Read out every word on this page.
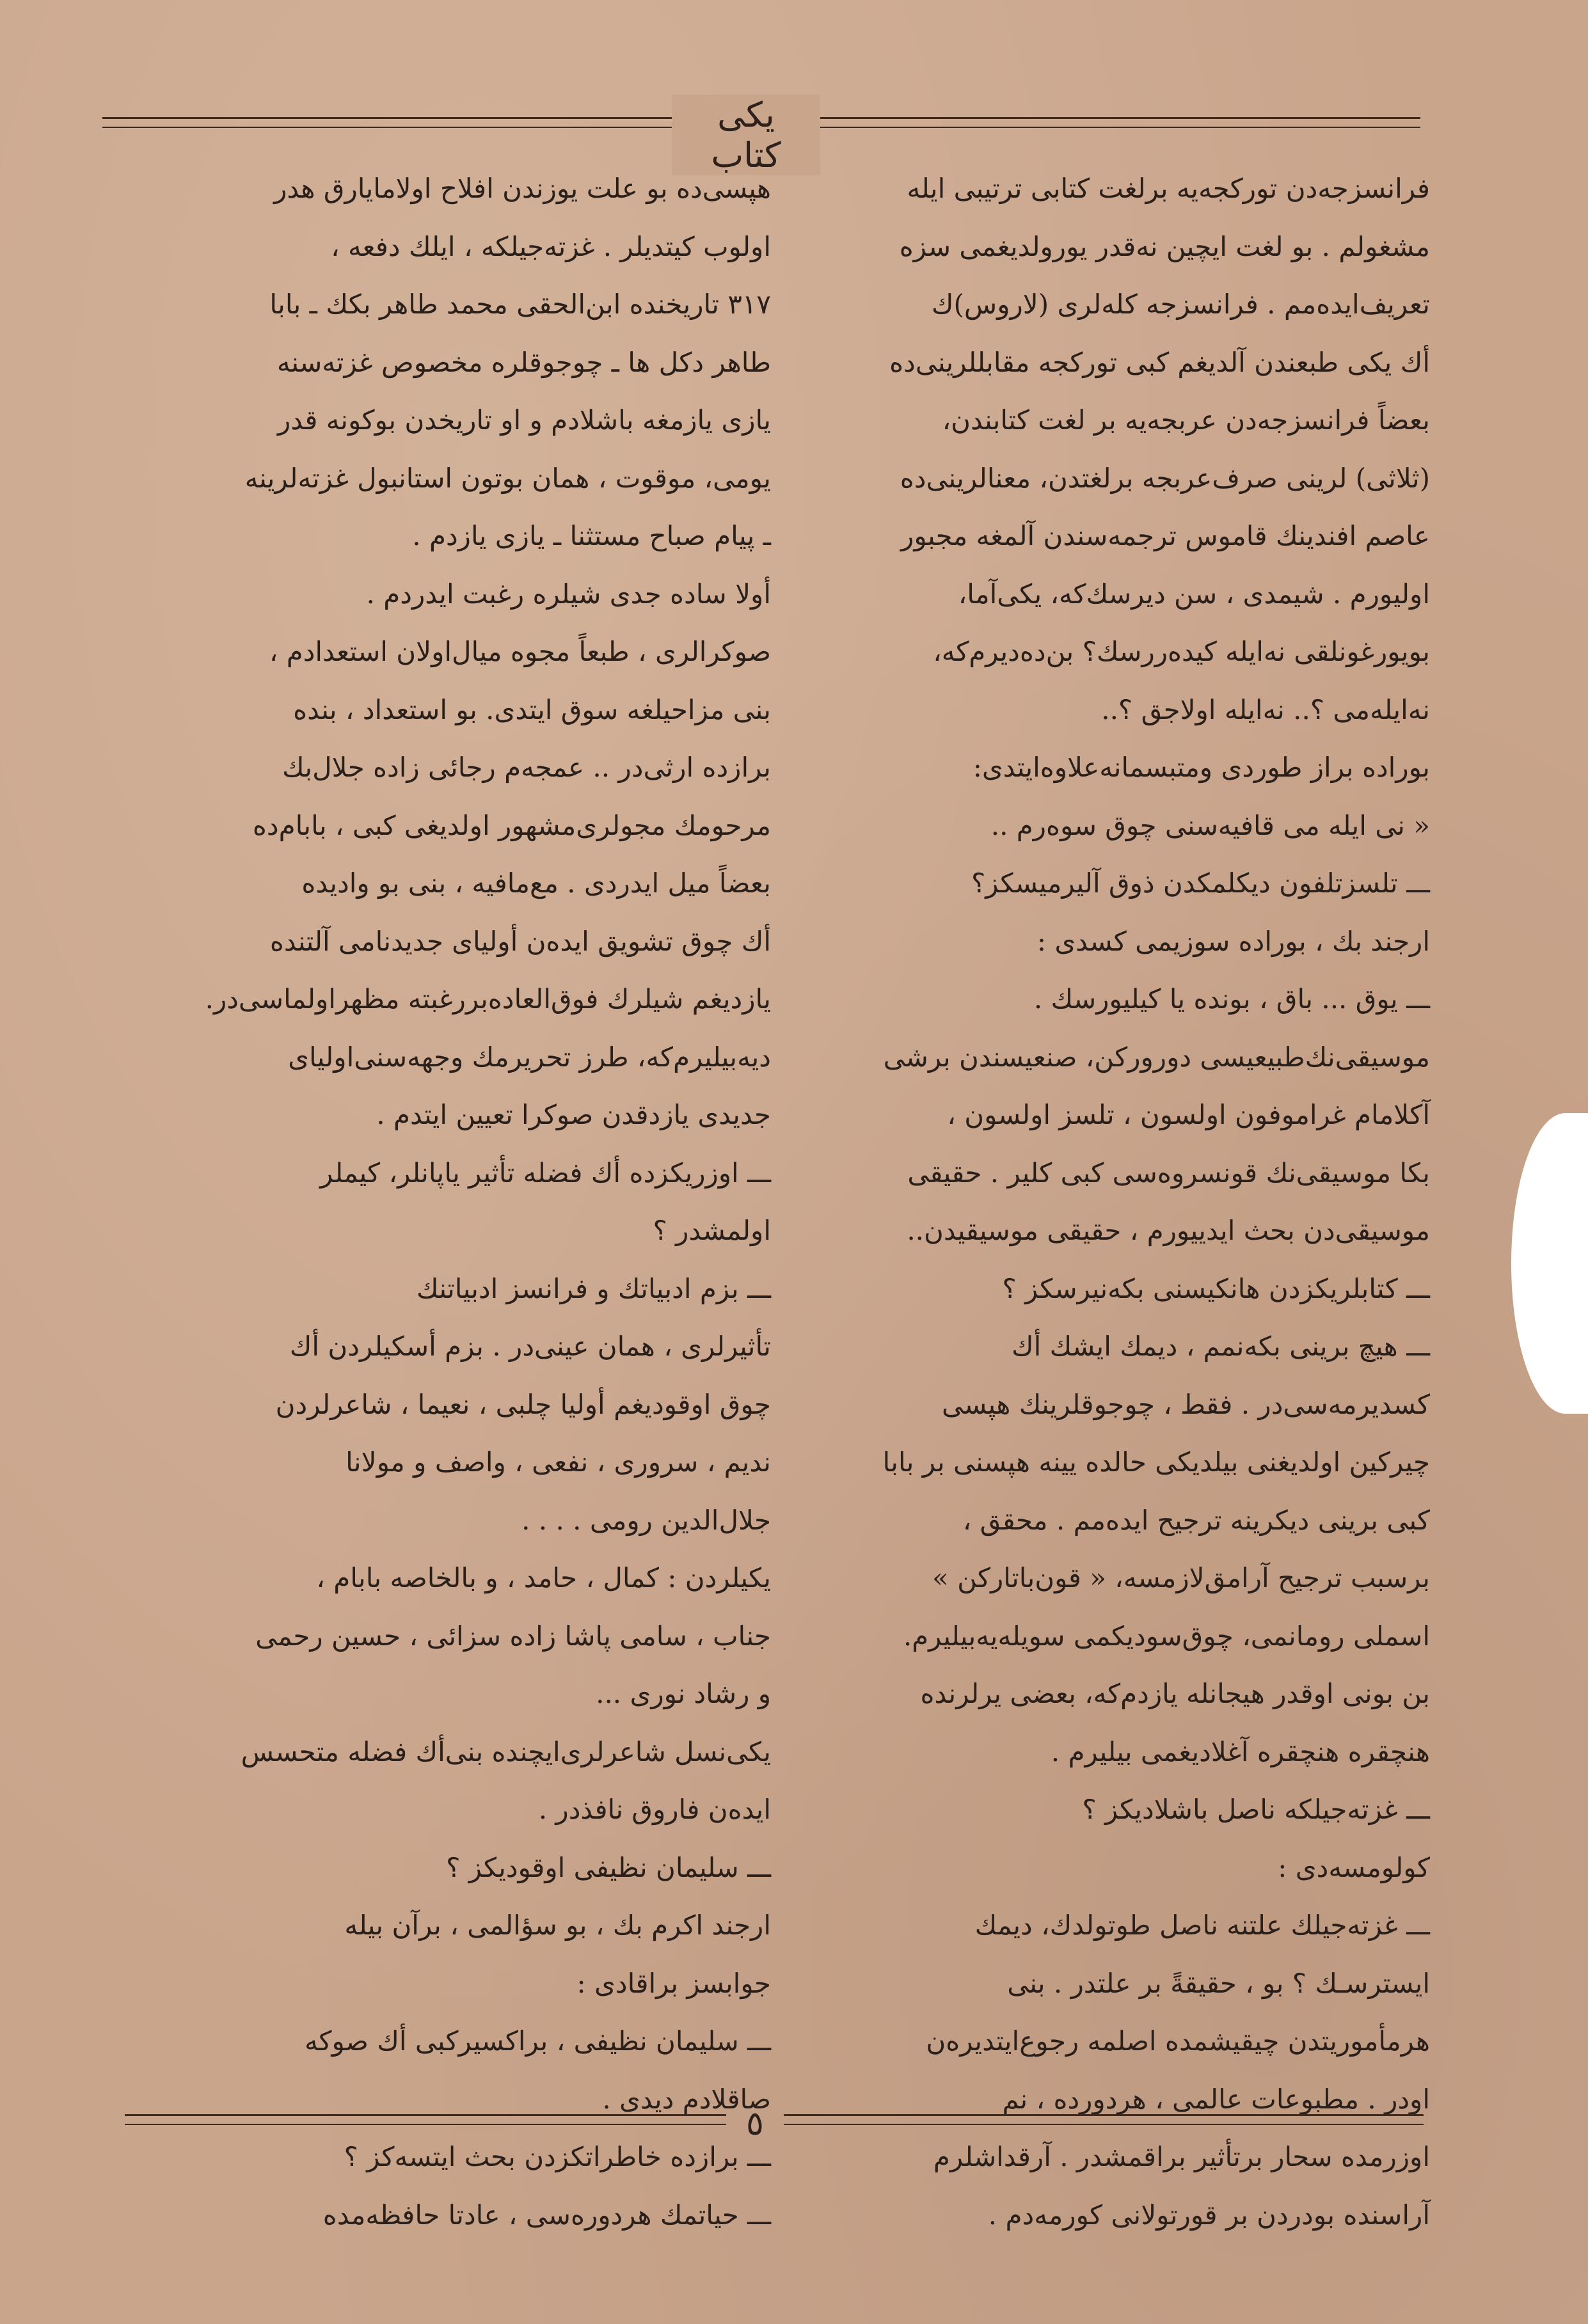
یکی کتاب

فرانسزجه‌دن تورکجه‌یه برلغت کتابی ترتیبی ایله

مشغولم . بو لغت ایچین نه‌قدر یورولدیغمی سزه

تعریف‌ایده‌مم . فرانسزجه کله‌لری (لاروس)ك

أك یکی طبعندن آلدیغم کبی تورکجه مقابللرینی‌ده

بعضاً فرانسزجه‌دن عربجه‌یه بر لغت کتابندن،

(ثلاثی) لرینی صرف‌عربجه برلغتدن، معنالرینی‌ده

عاصم افندینك قاموس ترجمه‌سندن آلمغه مجبور

اولیورم . شیمدی ، سن دیرسك‌كه، یکی‌آما،

بویورغونلقی نه‌ایله کیده‌ررسك؟ بن‌ده‌دیرم‌كه،

نه‌ایله‌می ؟.. نه‌ایله اولاجق ؟..

بوراده براز طوردی ومتبسمانه‌علاوه‌ایتدی:

« نی ایله می قافیه‌سنی چوق سوه‌رم ..

ـــ تلسز‌تلفون دیکلمکدن ذوق آلیرمیسکز؟

ارجند بك ، بوراده سوزیمی کسدی :

ـــ یوق ... باق ، بونده یا کیلیورسك .

موسیقی‌نك‌طبیعیسی دورورکن، صنعیسندن برشی

آکلامام غراموفون اولسون ، تلسز اولسون ،

بکا موسیقی‌نك قونسروه‌سی کبی کلیر . حقیقی

موسیقی‌دن بحث ایدییورم ، حقیقی موسیقیدن..

ـــ کتابلریکزدن هانکیسنی بکه‌نیرسکز ؟

ـــ هیچ برینی بکه‌نمم ، دیمك ایشك أك

کسدیرمه‌سی‌در . فقط ، چوجوقلرینك هپسی

چیرکین اولدیغنی بیلدیکی حالده یینه هپسنی بر بابا

کبی برینی دیکرینه ترجیح ایده‌مم . محقق ،

برسبب ترجیح آرامق‌لازمسه، « قون‌باتارکن »

اسملی رومانمی، چوق‌سودیکمی سویله‌یه‌بیلیرم.

بن بونی اوقدر هیجانله یازدم‌كه، بعضی یرلرنده

هنچقره هنچقره آغلادیغمی بیلیرم .

ـــ غزته‌جیلکه ناصل باشلادیکز ؟

کولومسه‌دی :

ـــ غزته‌جیلك علتنه ناصل طوتولدك، دیمك

ایسترسـك ؟ بو ، حقیقةً بر علتدر . بنی

هرمأموریتدن چیقیشمده اصلمه رجوع‌ایتدیره‌ن

اودر . مطبوعات عالمی ، هردورده ، نم

اوزرمده سحار برتأثیر براقمشدر . آرقداشلرم

آراسنده بودردن بر قورتولانی کورمه‌دم .

هپسی‌ده بو علت یوزندن افلاح اولامایارق هدر

اولوب کیتدیلر . غزته‌جیلکه ، ایلك دفعه ،

٣١٧ تاریخنده ابن‌الحقی محمد طاهر بکك ـ بابا

طاهر دکل ها ـ چوجوقلره مخصوص غزته‌سنه

یازی یازمغه باشلادم و او تاریخدن بوکونه قدر

یومی، موقوت ، همان بوتون استانبول غزته‌لرینه

ـ پیام صباح مستثنا ـ یازی یازدم .

أولا ساده جدی شیلره رغبت ایدردم .

صوکرالری ، طبعاً مجوه میال‌اولان استعدادم ،

بنی مزاحیلغه سوق ایتدی. بو استعداد ، بنده

برازده ارثی‌در .. عمجه‌م رجائی زاده جلال‌بك

مرحومك مجولری‌مشهور اولدیغی کبی ، بابام‌ده

بعضاً میل ایدردی . مع‌مافیه ، بنی بو وادیده

أك چوق تشویق ایده‌ن أولیای جدیدنامی آلتنده

یازدیغم شیلرك فوق‌العاده‌بررغبته مظهراولماسی‌در.

دیه‌بیلیرم‌كه، طرز تحریرمك وجهه‌سنی‌اولیای

جدیدی یازدقدن صوکرا تعیین ایتدم .

ـــ اوزریکزده أك فضله تأثیر یاپانلر، کیملر

اولمشدر ؟

ـــ بزم ادبیاتك و فرانسز ادبیاتنك

تأثیرلری ، همان عینی‌در . بزم أسکیلردن أك

چوق اوقودیغم أولیا چلبی ، نعیما ، شاعرلردن

ندیم ، سروری ، نفعی ، واصف و مولانا

جلال‌الدین رومی . . . .

یکیلردن : کمال ، حامد ، و بالخاصه بابام ،

جناب ، سامی پاشا زاده سزائی ، حسین رحمی

و رشاد نوری ...

یکی‌نسل شاعرلری‌ایچنده بنی‌أك فضله متحسس

ایده‌ن فاروق نافذدر .

ـــ سلیمان نظیفی اوقودیکز ؟

ارجند اکرم بك ، بو سؤالمی ، برآن بیله

جوابسز براقادی :

ـــ سلیمان نظیفی ، براکسیرکبی أك صوکه

صاقلادم دیدی .

ـــ برازده خاطراتکزدن بحث ایتسه‌کز ؟

ـــ حیاتمك هردوره‌سی ، عادتا حافظه‌مده

٥
